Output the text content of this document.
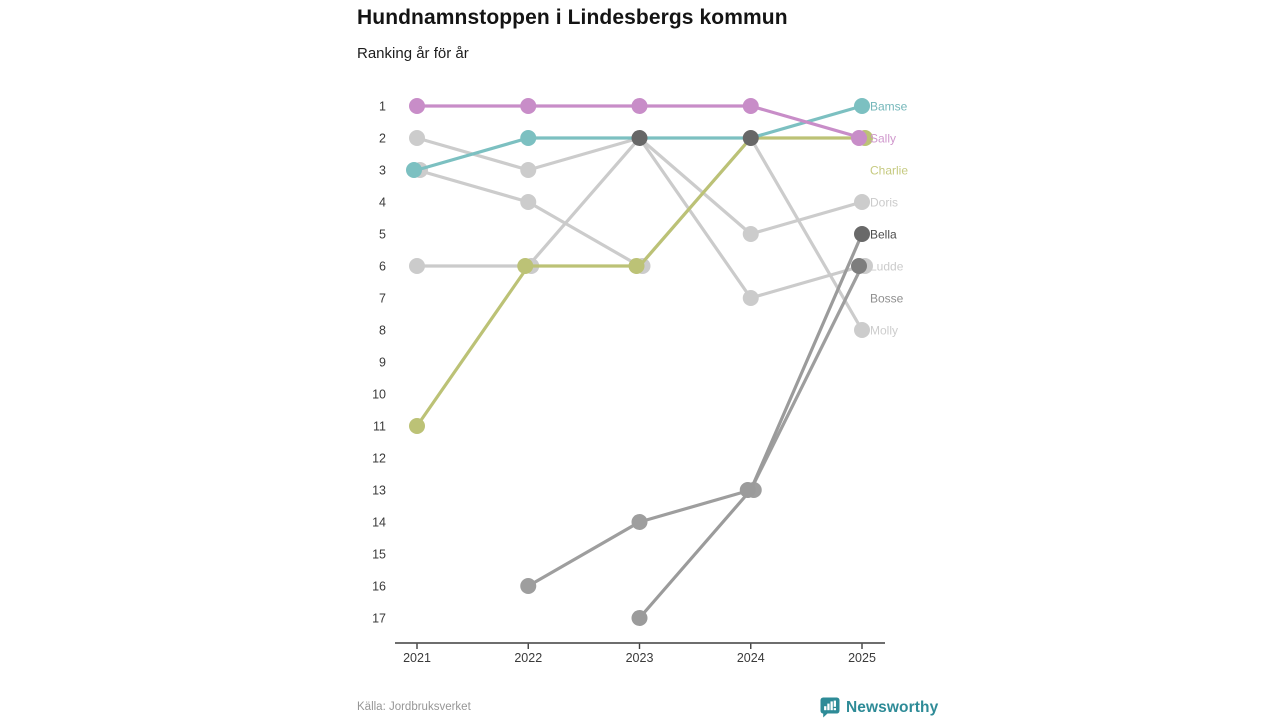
Hundnamnstoppen i Lindesbergs kommun
Ranking år för år
1
2
3
4
5
6
7
8
9
10
11
12
13
14
15
16
17
Doris
Molly
Ludde
Bosse
Bella
Charlie
Bamse
Sally
2021	2022	2023	2024	2025
Källa: Jordbruksverket	Newsworthy
